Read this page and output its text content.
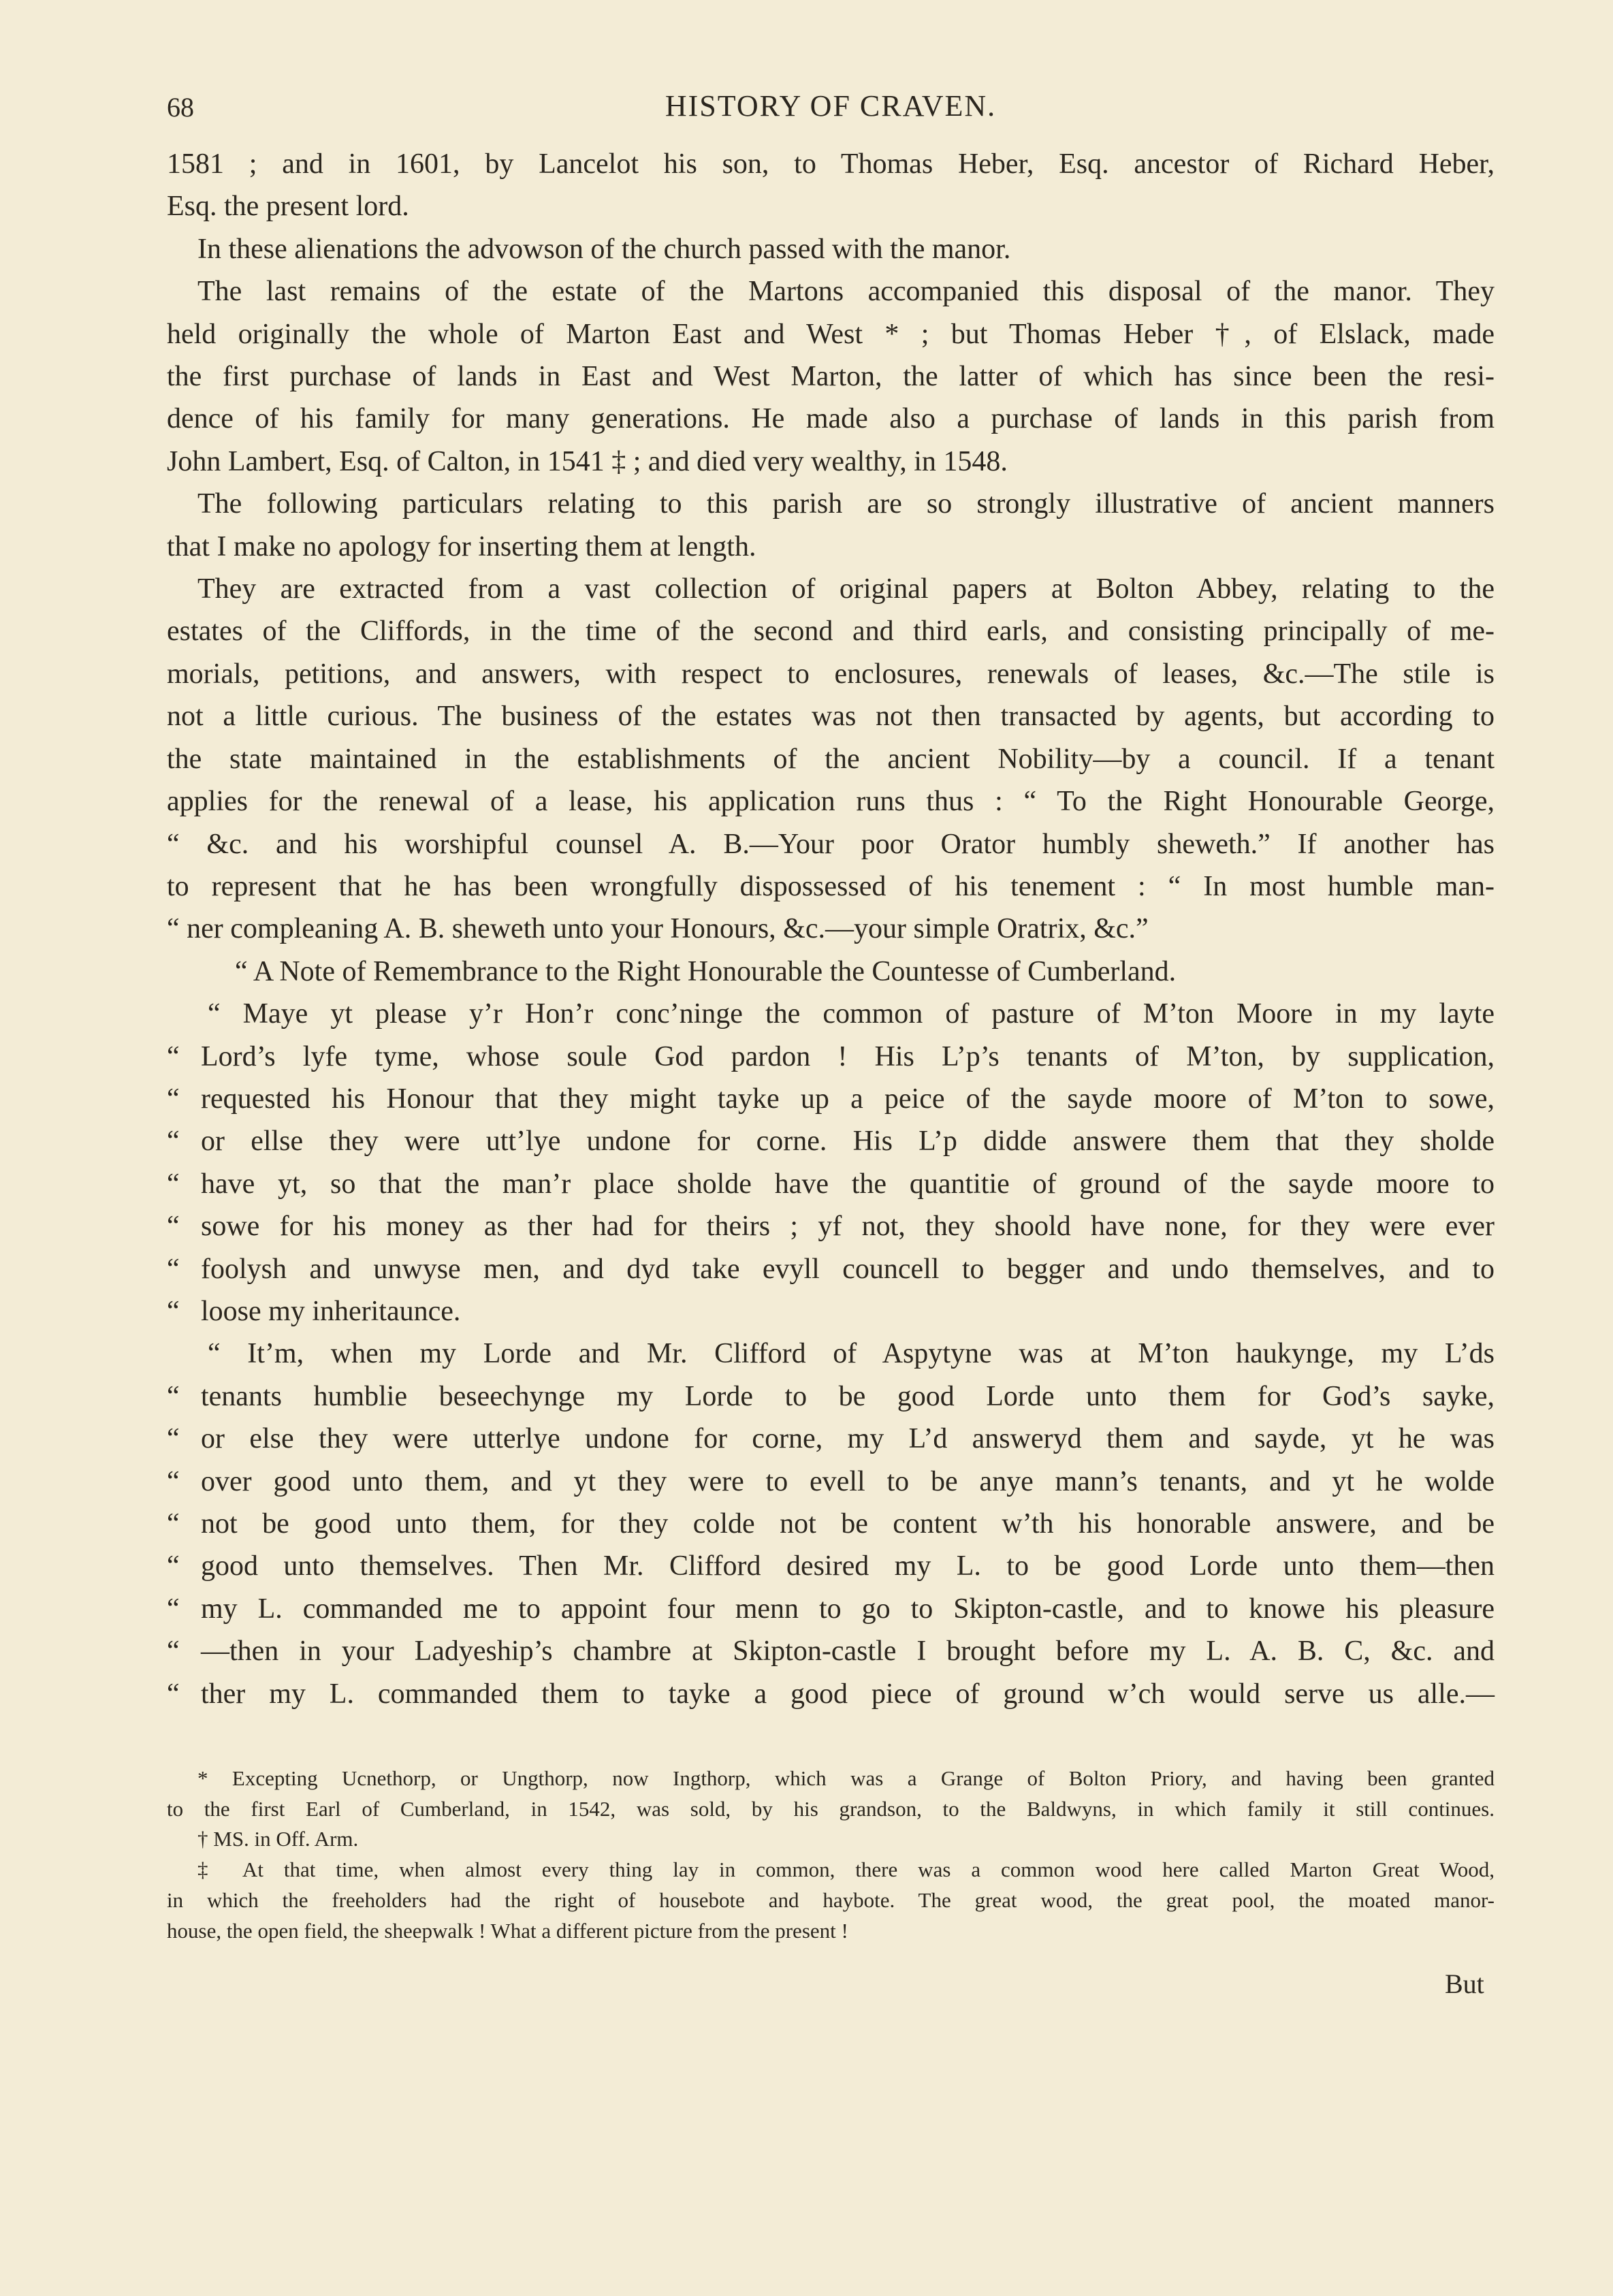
68	HISTORY OF CRAVEN.

1581 ; and in 1601, by Lancelot his son, to Thomas Heber, Esq. ancestor of Richard Heber,
Esq. the present lord.

In these alienations the advowson of the church passed with the manor.

The last remains of the estate of the Martons accompanied this disposal of the manor. They
held originally the whole of Marton East and West * ; but Thomas Heber †, of Elslack, made
the first purchase of lands in East and West Marton, the latter of which has since been the resi-
dence of his family for many generations. He made also a purchase of lands in this parish from
John Lambert, Esq. of Calton, in 1541 ‡ ; and died very wealthy, in 1548.

The following particulars relating to this parish are so strongly illustrative of ancient manners
that I make no apology for inserting them at length.

They are extracted from a vast collection of original papers at Bolton Abbey, relating to the
estates of the Cliffords, in the time of the second and third earls, and consisting principally of me-
morials, petitions, and answers, with respect to enclosures, renewals of leases, &c.—The stile is
not a little curious. The business of the estates was not then transacted by agents, but according to
the state maintained in the establishments of the ancient Nobility—by a council. If a tenant
applies for the renewal of a lease, his application runs thus : “ To the Right Honourable George,
“ &c. and his worshipful counsel A. B.—Your poor Orator humbly sheweth.” If another has
to represent that he has been wrongfully dispossessed of his tenement : “ In most humble man-
“ ner compleaning A. B. sheweth unto your Honours, &c.—your simple Oratrix, &c.”

“ A Note of Remembrance to the Right Honourable the Countesse of Cumberland.

“ Maye yt please y’r Hon’r conc’ninge the common of pasture of M’ton Moore in my layte
“ Lord’s lyfe tyme, whose soule God pardon ! His L’p’s tenants of M’ton, by supplication,
“ requested his Honour that they might tayke up a peice of the sayde moore of M’ton to sowe,
“ or ellse they were utt’lye undone for corne. His L’p didde answere them that they sholde
“ have yt, so that the man’r place sholde have the quantitie of ground of the sayde moore to
“ sowe for his money as ther had for theirs ; yf not, they shoold have none, for they were ever
“ foolysh and unwyse men, and dyd take evyll councell to begger and undo themselves, and to
“ loose my inheritaunce.

“ It’m, when my Lorde and Mr. Clifford of Aspytyne was at M’ton haukynge, my L’ds
“ tenants humblie beseechynge my Lorde to be good Lorde unto them for God’s sayke,
“ or else they were utterlye undone for corne, my L’d answeryd them and sayde, yt he was
“ over good unto them, and yt they were to evell to be anye mann’s tenants, and yt he wolde
“ not be good unto them, for they colde not be content w’th his honorable answere, and be
“ good unto themselves. Then Mr. Clifford desired my L. to be good Lorde unto them—then
“ my L. commanded me to appoint four menn to go to Skipton-castle, and to knowe his pleasure
“ —then in your Ladyeship’s chambre at Skipton-castle I brought before my L. A. B. C, &c. and
“ ther my L. commanded them to tayke a good piece of ground w’ch would serve us alle.—

* Excepting Ucnethorp, or Ungthorp, now Ingthorp, which was a Grange of Bolton Priory, and having been granted
to the first Earl of Cumberland, in 1542, was sold, by his grandson, to the Baldwyns, in which family it still continues.

† MS. in Off. Arm.

‡ At that time, when almost every thing lay in common, there was a common wood here called Marton Great Wood,
in which the freeholders had the right of housebote and haybote. The great wood, the great pool, the moated manor-
house, the open field, the sheepwalk ! What a different picture from the present !

But
